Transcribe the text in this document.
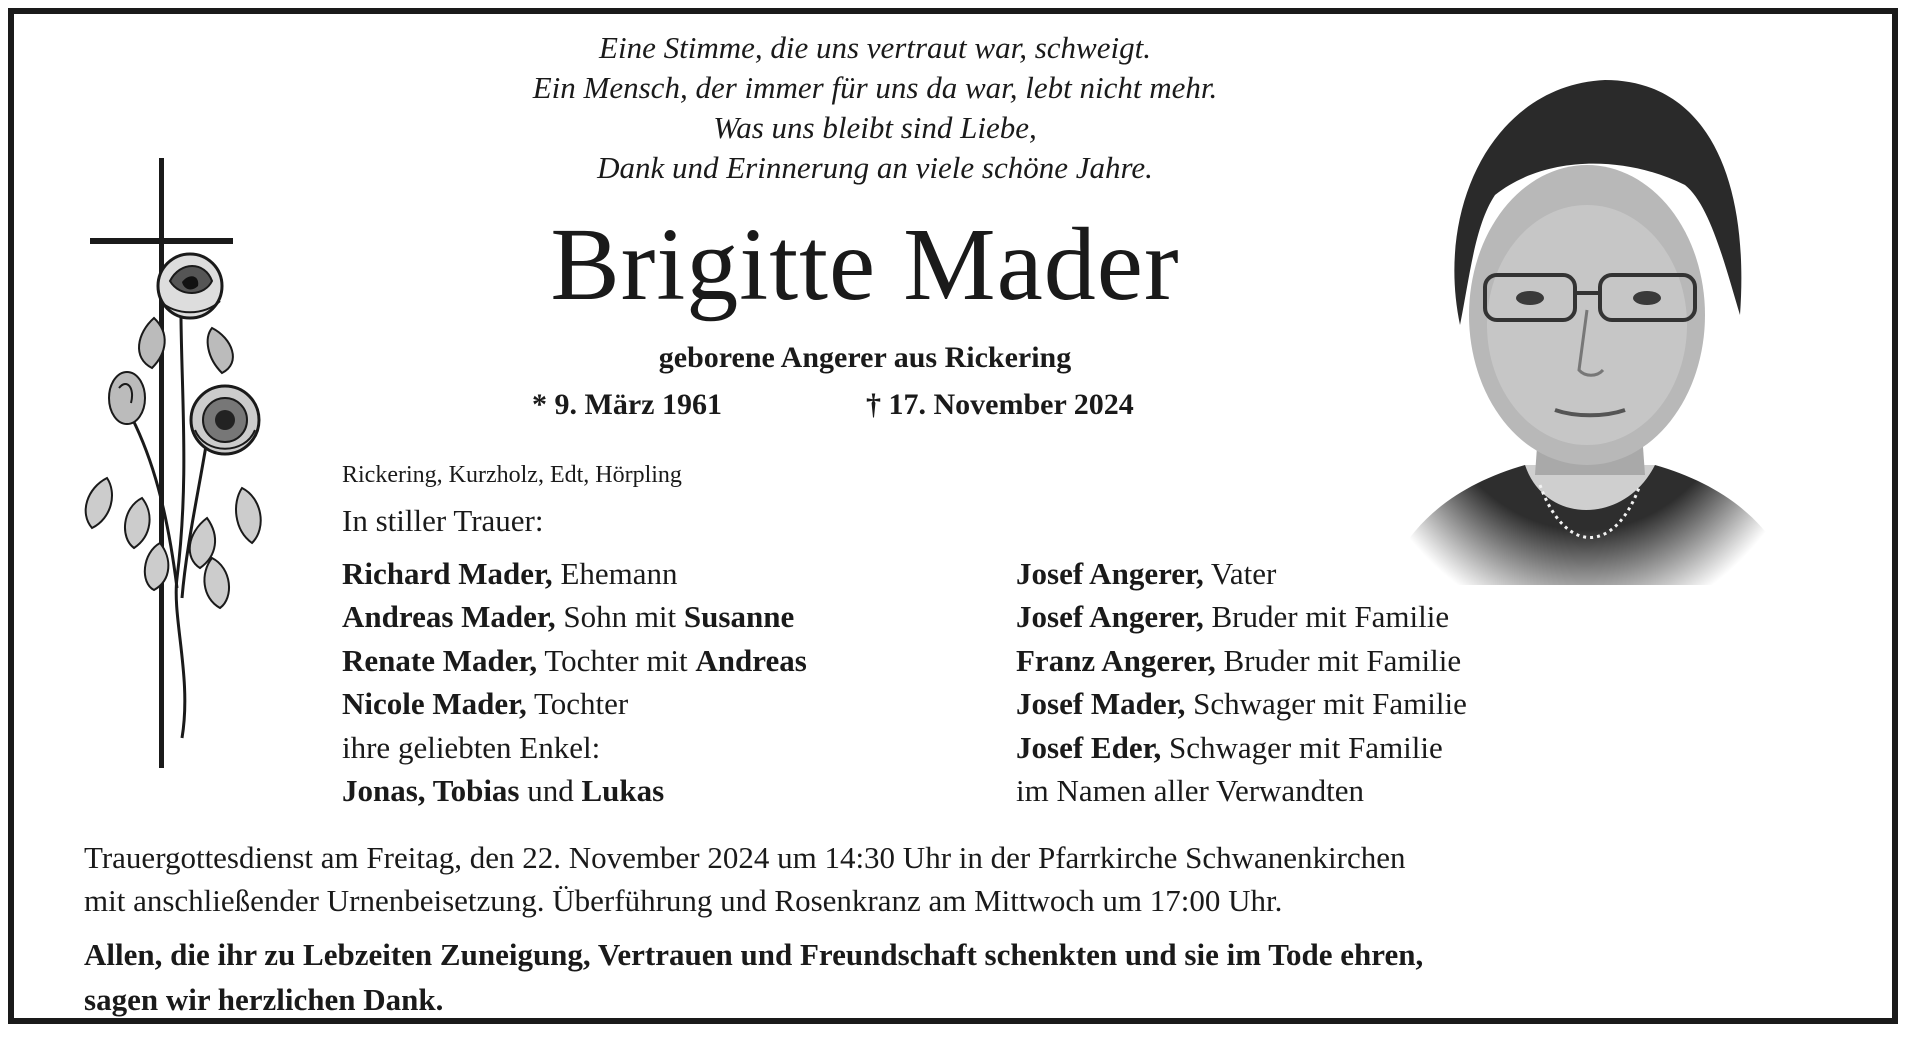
Eine Stimme, die uns vertraut war, schweigt.
Ein Mensch, der immer für uns da war, lebt nicht mehr.
Was uns bleibt sind Liebe,
Dank und Erinnerung an viele schöne Jahre.
Brigitte Mader
geborene Angerer aus Rickering
* 9. März 1961	† 17. November 2024
Rickering, Kurzholz, Edt, Hörpling
In stiller Trauer:
Richard Mader, Ehemann
Andreas Mader, Sohn mit Susanne
Renate Mader, Tochter mit Andreas
Nicole Mader, Tochter
ihre geliebten Enkel:
Jonas, Tobias und Lukas
Josef Angerer, Vater
Josef Angerer, Bruder mit Familie
Franz Angerer, Bruder mit Familie
Josef Mader, Schwager mit Familie
Josef Eder, Schwager mit Familie
im Namen aller Verwandten
Trauergottesdienst am Freitag, den 22. November 2024 um 14:30 Uhr in der Pfarrkirche Schwanenkirchen
mit anschließender Urnenbeisetzung. Überführung und Rosenkranz am Mittwoch um 17:00 Uhr.
Allen, die ihr zu Lebzeiten Zuneigung, Vertrauen und Freundschaft schenkten und sie im Tode ehren,
sagen wir herzlichen Dank.
